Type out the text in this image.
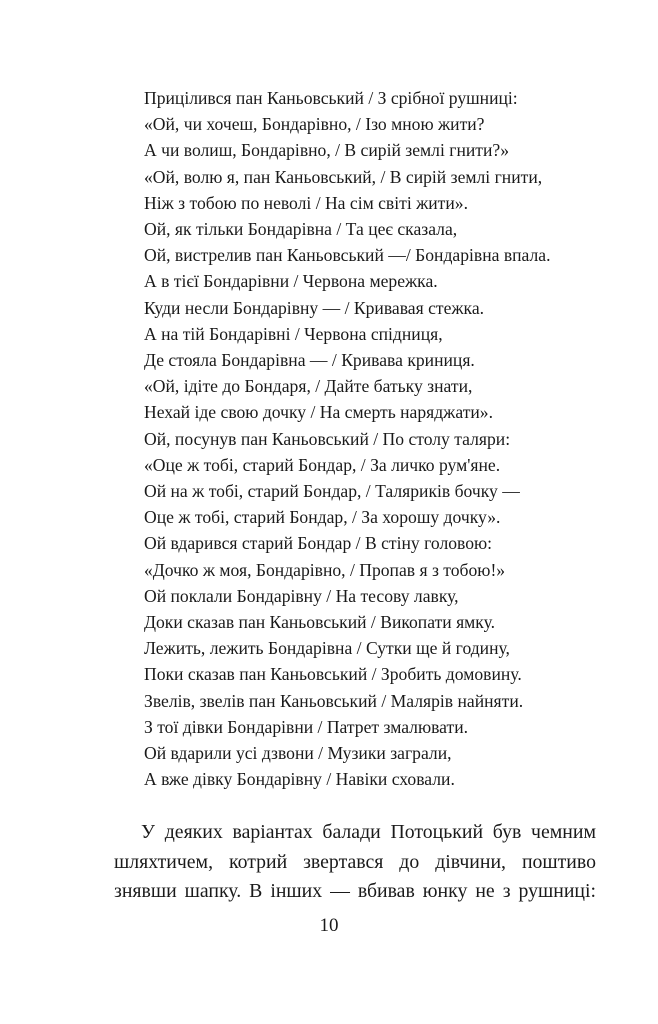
Прицілився пан Каньовський / З срібної рушниці:
«Ой, чи хочеш, Бондарівно, / Ізо мною жити?
А чи волиш, Бондарівно, / В сирій землі гнити?»
«Ой, волю я, пан Каньовський, / В сирій землі гнити,
Ніж з тобою по неволі / На сім світі жити».
Ой, як тільки Бондарівна / Та цеє сказала,
Ой, вистрелив пан Каньовський —/ Бондарівна впала.
А в тієї Бондарівни / Червона мережка.
Куди несли Бондарівну — / Кривавая стежка.
А на тій Бондарівні / Червона спідниця,
Де стояла Бондарівна — / Кривава криниця.
«Ой, ідіте до Бондаря, / Дайте батьку знати,
Нехай іде свою дочку / На смерть наряджати».
Ой, посунув пан Каньовський / По столу таляри:
«Оце ж тобі, старий Бондар, / За личко рум'яне.
Ой на ж тобі, старий Бондар, / Таляриків бочку —
Оце ж тобі, старий Бондар, / За хорошу дочку».
Ой вдарився старий Бондар / В стіну головою:
«Дочко ж моя, Бондарівно, / Пропав я з тобою!»
Ой поклали Бондарівну / На тесову лавку,
Доки сказав пан Каньовський / Викопати ямку.
Лежить, лежить Бондарівна / Сутки ще й годину,
Поки сказав пан Каньовський / Зробить домовину.
Звелів, звелів пан Каньовський / Малярів найняти.
З тої дівки Бондарівни / Патрет змалювати.
Ой вдарили усі дзвони / Музики заграли,
А вже дівку Бондарівну / Навіки сховали.
У деяких варіантах балади Потоцький був чемним
шляхтичем, котрий звертався до дівчини, поштиво
знявши шапку. В інших — вбивав юнку не з рушниці:
10
